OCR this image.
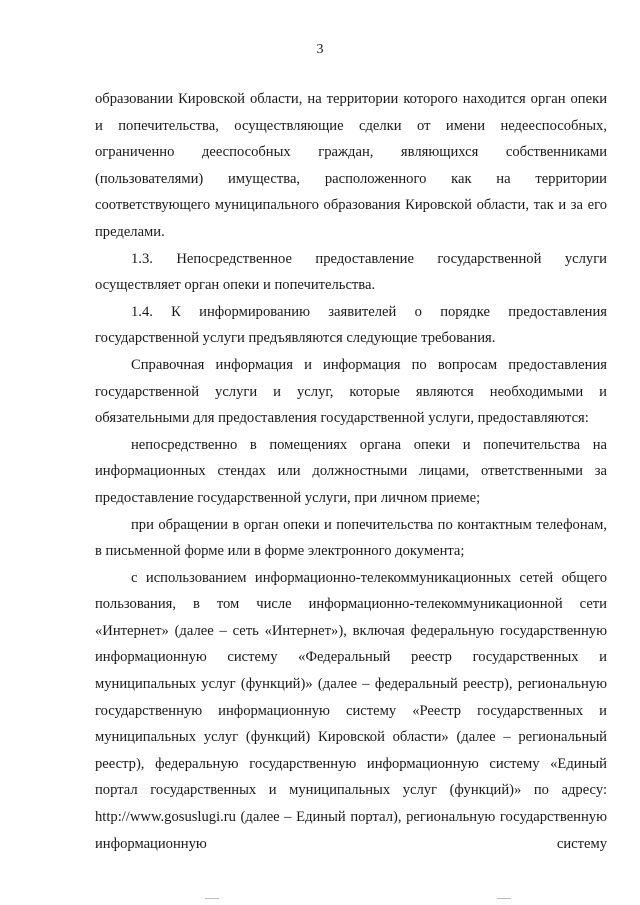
3

образовании Кировской области, на территории которого находится орган опеки и попечительства, осуществляющие сделки от имени недееспособных, ограниченно дееспособных граждан, являющихся собственниками (пользователями) имущества, расположенного как на территории соответствующего муниципального образования Кировской области, так и за его пределами.

1.3. Непосредственное предоставление государственной услуги осуществляет орган опеки и попечительства.

1.4. К информированию заявителей о порядке предоставления государственной услуги предъявляются следующие требования.

Справочная информация и информация по вопросам предоставления государственной услуги и услуг, которые являются необходимыми и обязательными для предоставления государственной услуги, предоставляются:

непосредственно в помещениях органа опеки и попечительства на информационных стендах или должностными лицами, ответственными за предоставление государственной услуги, при личном приеме;

при обращении в орган опеки и попечительства по контактным телефонам, в письменной форме или в форме электронного документа;

с использованием информационно-телекоммуникационных сетей общего пользования, в том числе информационно-телекоммуникационной сети «Интернет» (далее – сеть «Интернет»), включая федеральную государственную информационную систему «Федеральный реестр государственных и муниципальных услуг (функций)» (далее – федеральный реестр), региональную государственную информационную систему «Реестр государственных и муниципальных услуг (функций) Кировской области» (далее – региональный реестр), федеральную государственную информационную систему «Единый портал государственных и муниципальных услуг (функций)» по адресу: http://www.gosuslugi.ru (далее – Единый портал), региональную государственную информационную систему
